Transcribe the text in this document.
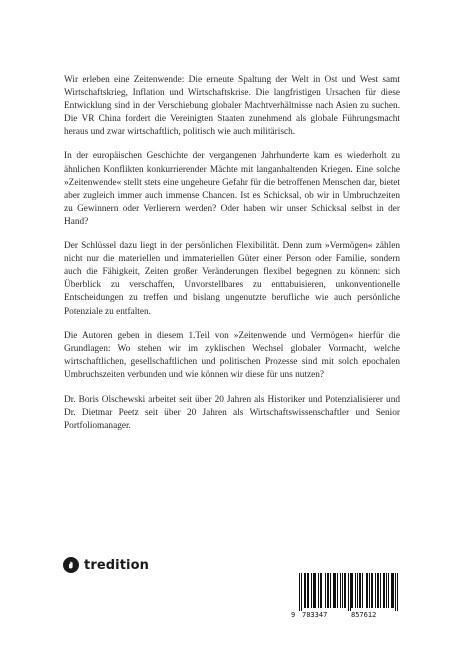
Wir erleben eine Zeitenwende: Die erneute Spaltung der Welt in Ost und West samt Wirtschaftskrieg, Inflation und Wirtschaftskrise. Die langfristigen Ursachen für diese Entwicklung sind in der Verschiebung globaler Machtverhältnisse nach Asien zu suchen. Die VR China fordert die Vereinigten Staaten zunehmend als globale Führungsmacht heraus und zwar wirtschaftlich, politisch wie auch militärisch.

In der europäischen Geschichte der vergangenen Jahrhunderte kam es wiederholt zu ähnlichen Konflikten konkurrierender Mächte mit langanhaltenden Kriegen. Eine solche »Zeitenwende« stellt stets eine ungeheure Gefahr für die betroffenen Menschen dar, bietet aber zugleich immer auch immense Chancen. Ist es Schicksal, ob wir in Umbruchzeiten zu Gewinnern oder Verlierern werden? Oder haben wir unser Schicksal selbst in der Hand?

Der Schlüssel dazu liegt in der persönlichen Flexibilität. Denn zum »Vermögen« zählen nicht nur die materiellen und immateriellen Güter einer Person oder Familie, sondern auch die Fähigkeit, Zeiten großer Veränderungen flexibel begegnen zu können: sich Überblick zu verschaffen, Unvorstellbares zu enttabuisieren, unkonventionelle Entscheidungen zu treffen und bislang ungenutzte berufliche wie auch persönliche Potenziale zu entfalten.

Die Autoren geben in diesem 1.Teil von »Zeitenwende und Vermögen« hierfür die Grundlagen: Wo stehen wir im zyklischen Wechsel globaler Vormacht, welche wirtschaftlichen, gesellschaftlichen und politischen Prozesse sind mit solch epochalen Umbruchszeiten verbunden und wie können wir diese für uns nutzen?

Dr. Boris Olschewski arbeitet seit über 20 Jahren als Historiker und Potenzialisierer und Dr. Dietmar Peetz seit über 20 Jahren als Wirtschaftswissenschaftler und Senior Portfoliomanager.

tredition
9 783347	857612
